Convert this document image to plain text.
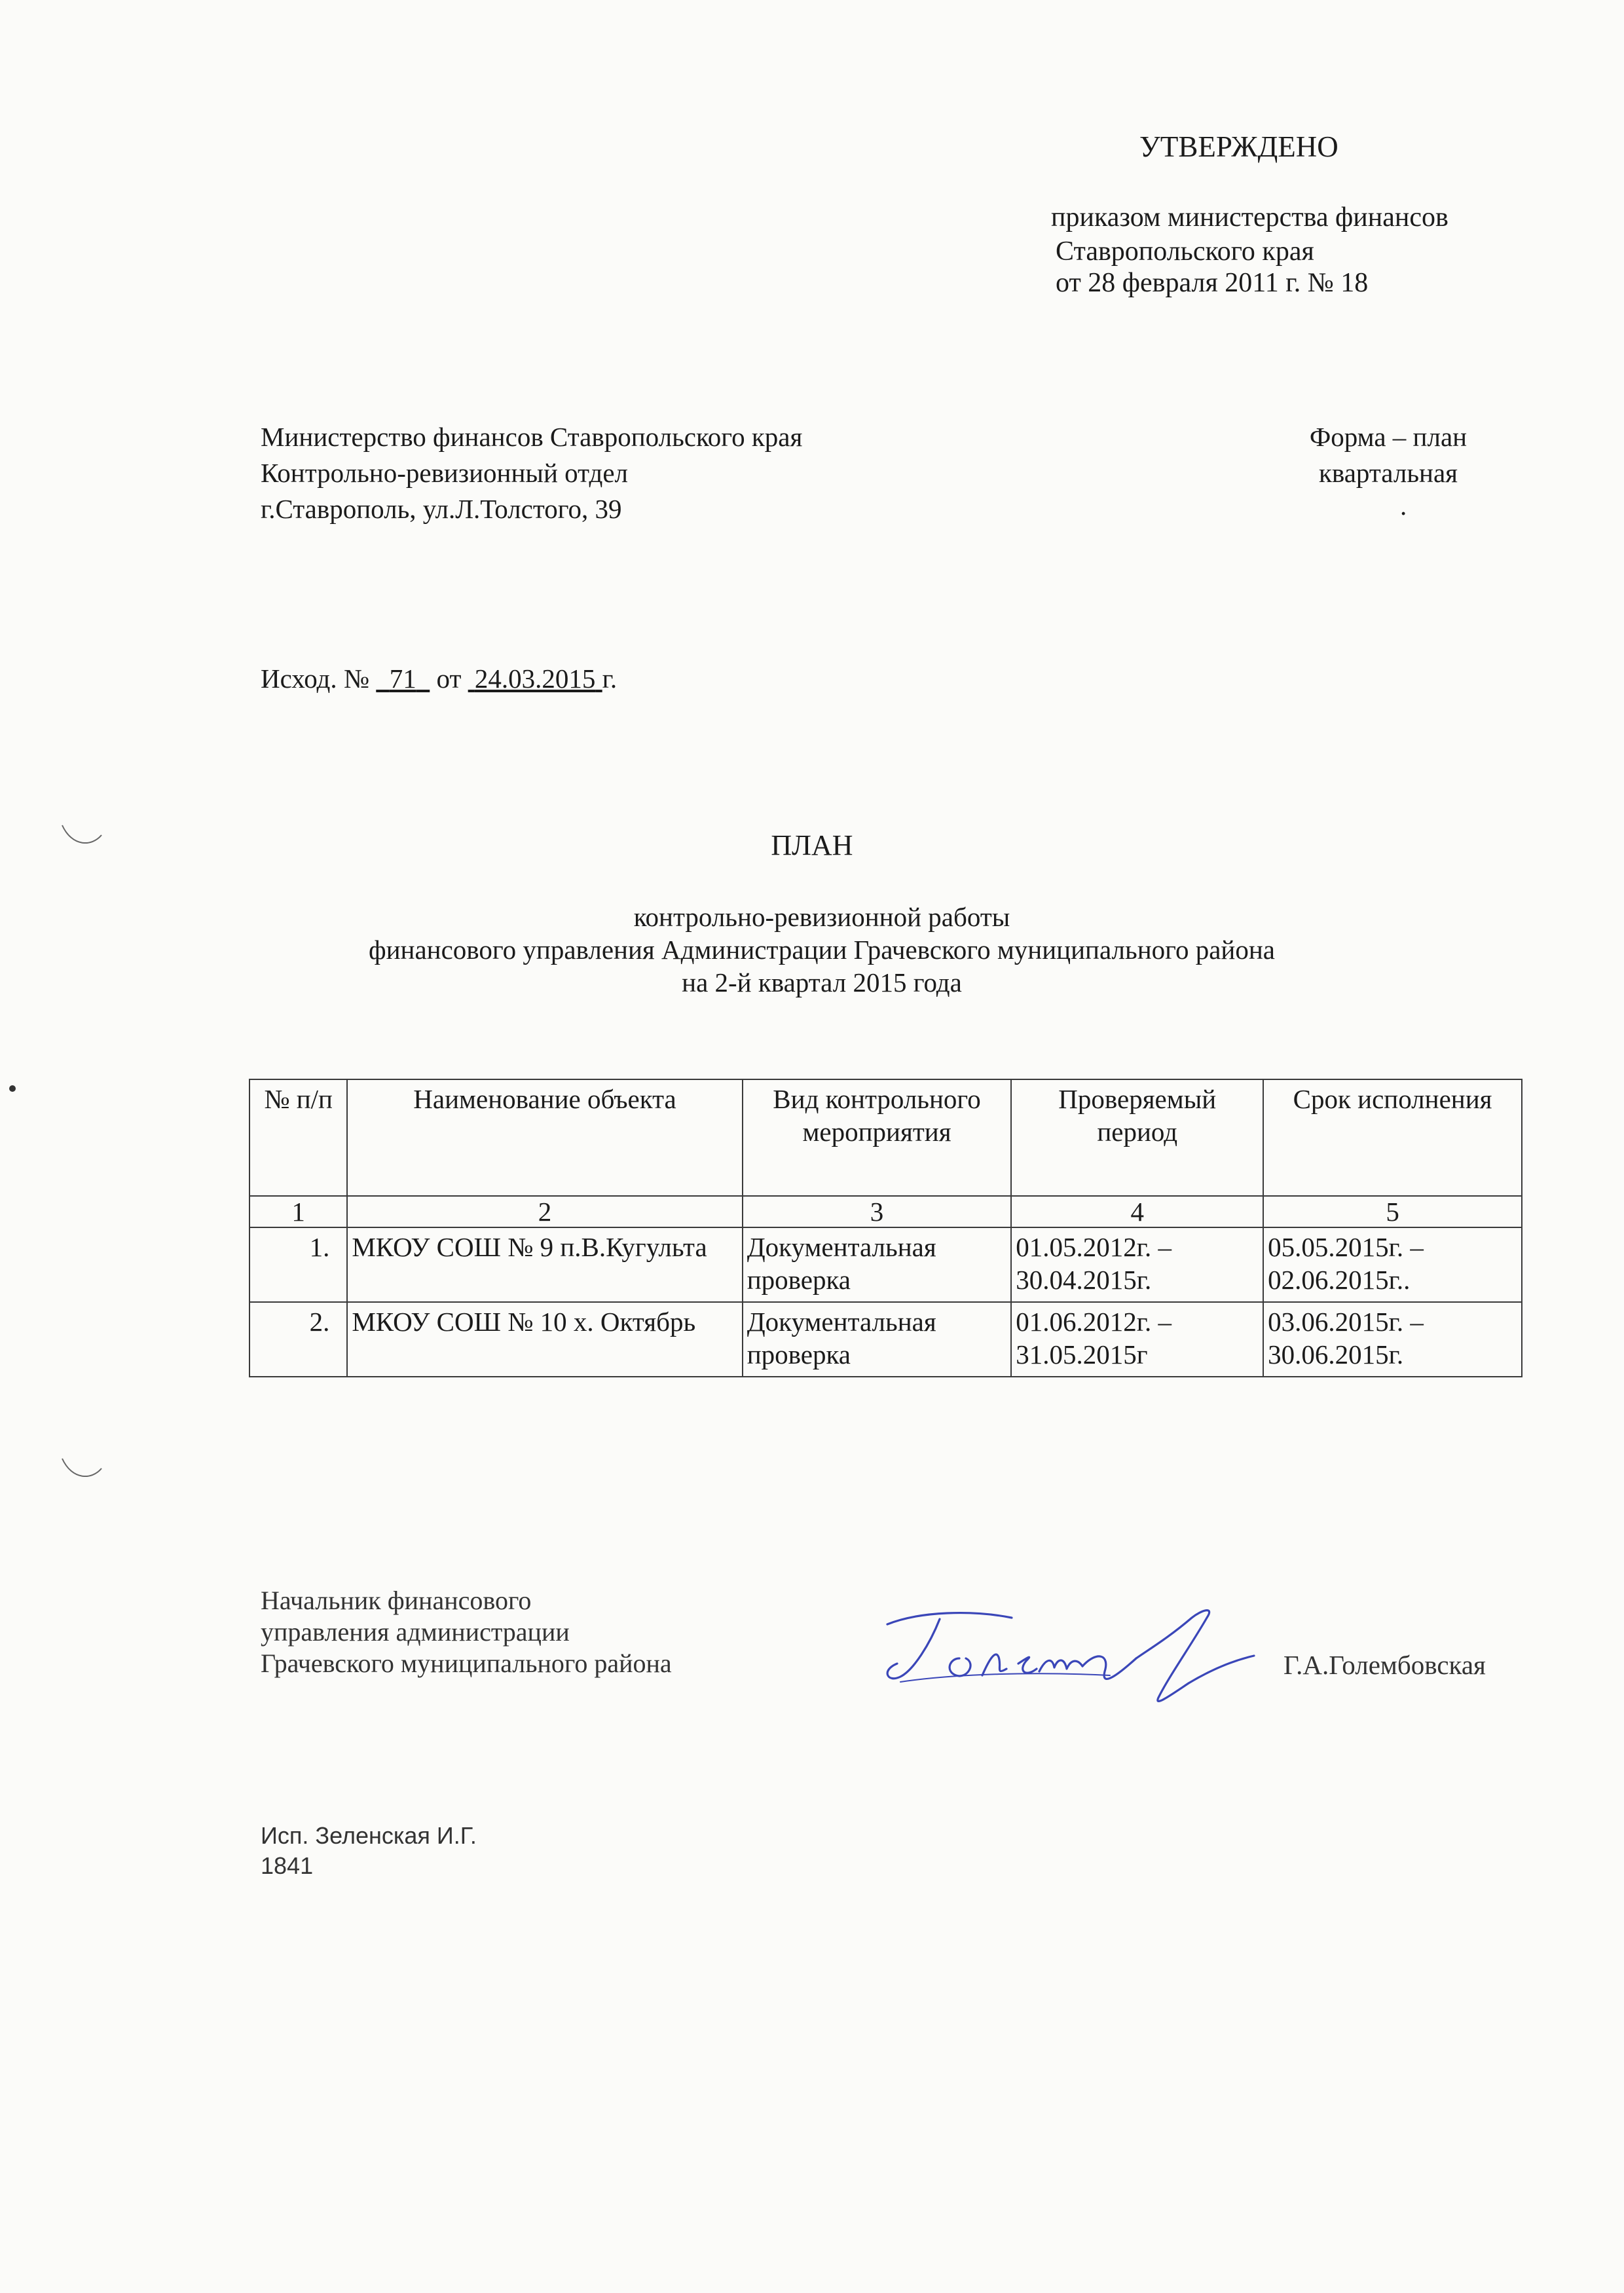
УТВЕРЖДЕНО
приказом министерства финансов
Ставропольского края
от 28 февраля 2011 г. № 18
Министерство финансов Ставропольского края
Контрольно-ревизионный отдел
г.Ставрополь, ул.Л.Толстого, 39
Форма – план
квартальная
.
Исход. № 71 от 24.03.2015 г.
ПЛАН
контрольно-ревизионной работы
финансового управления Администрации Грачевского муниципального района
на 2-й квартал 2015 года
№ п/п	Наименование объекта	Вид контрольного мероприятия	Проверяемый период	Срок исполнения
1	2	3	4	5
1.	МКОУ СОШ № 9 п.В.Кугульта	Документальная проверка	01.05.2012г. – 30.04.2015г.	05.05.2015г. – 02.06.2015г..
2.	МКОУ СОШ № 10 х. Октябрь	Документальная проверка	01.06.2012г. – 31.05.2015г	03.06.2015г. – 30.06.2015г.
Начальник финансового
управления администрации
Грачевского муниципального района	Г.А.Голембовская
Исп. Зеленская И.Г.
1841
